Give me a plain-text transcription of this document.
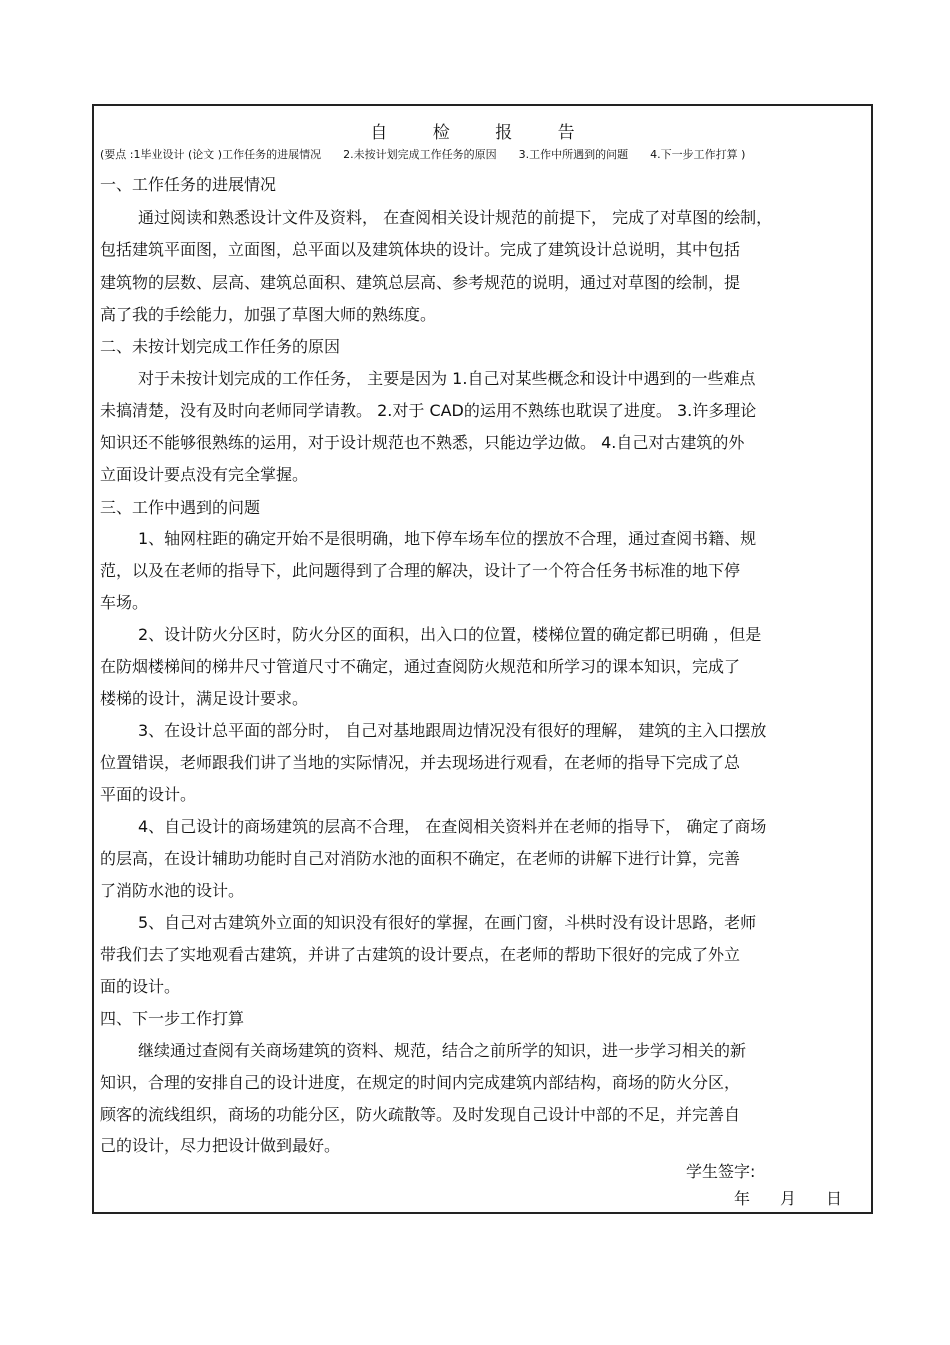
自 检 报 告
(要点 :1毕业设计 (论文 )工作任务的进展情况 2.未按计划完成工作任务的原因 3.工作中所遇到的问题 4.下一步工作打算 )
一、工作任务的进展情况
通过阅读和熟悉设计文件及资料， 在查阅相关设计规范的前提下， 完成了对草图的绘制，
包括建筑平面图，立面图，总平面以及建筑体块的设计。完成了建筑设计总说明，其中包括
建筑物的层数、层高、建筑总面积、建筑总层高、参考规范的说明，通过对草图的绘制，提
高了我的手绘能力，加强了草图大师的熟练度。
二、未按计划完成工作任务的原因
对于未按计划完成的工作任务， 主要是因为 1.自己对某些概念和设计中遇到的一些难点
未搞清楚，没有及时向老师同学请教。 2.对于 CAD的运用不熟练也耽误了进度。 3.许多理论
知识还不能够很熟练的运用，对于设计规范也不熟悉，只能边学边做。 4.自己对古建筑的外
立面设计要点没有完全掌握。
三、工作中遇到的问题
1、轴网柱距的确定开始不是很明确，地下停车场车位的摆放不合理，通过查阅书籍、规
范，以及在老师的指导下，此问题得到了合理的解决，设计了一个符合任务书标准的地下停
车场。
2、设计防火分区时，防火分区的面积，出入口的位置，楼梯位置的确定都已明确 ，但是
在防烟楼梯间的梯井尺寸管道尺寸不确定，通过查阅防火规范和所学习的课本知识，完成了
楼梯的设计，满足设计要求。
3、在设计总平面的部分时， 自己对基地跟周边情况没有很好的理解， 建筑的主入口摆放
位置错误，老师跟我们讲了当地的实际情况，并去现场进行观看，在老师的指导下完成了总
平面的设计。
4、自己设计的商场建筑的层高不合理， 在查阅相关资料并在老师的指导下， 确定了商场
的层高，在设计辅助功能时自己对消防水池的面积不确定，在老师的讲解下进行计算，完善
了消防水池的设计。
5、自己对古建筑外立面的知识没有很好的掌握，在画门窗，斗栱时没有设计思路，老师
带我们去了实地观看古建筑，并讲了古建筑的设计要点，在老师的帮助下很好的完成了外立
面的设计。
四、下一步工作打算
继续通过查阅有关商场建筑的资料、规范，结合之前所学的知识，进一步学习相关的新
知识，合理的安排自己的设计进度，在规定的时间内完成建筑内部结构，商场的防火分区，
顾客的流线组织，商场的功能分区，防火疏散等。及时发现自己设计中部的不足，并完善自
己的设计，尽力把设计做到最好。
学生签字:
年 月 日
